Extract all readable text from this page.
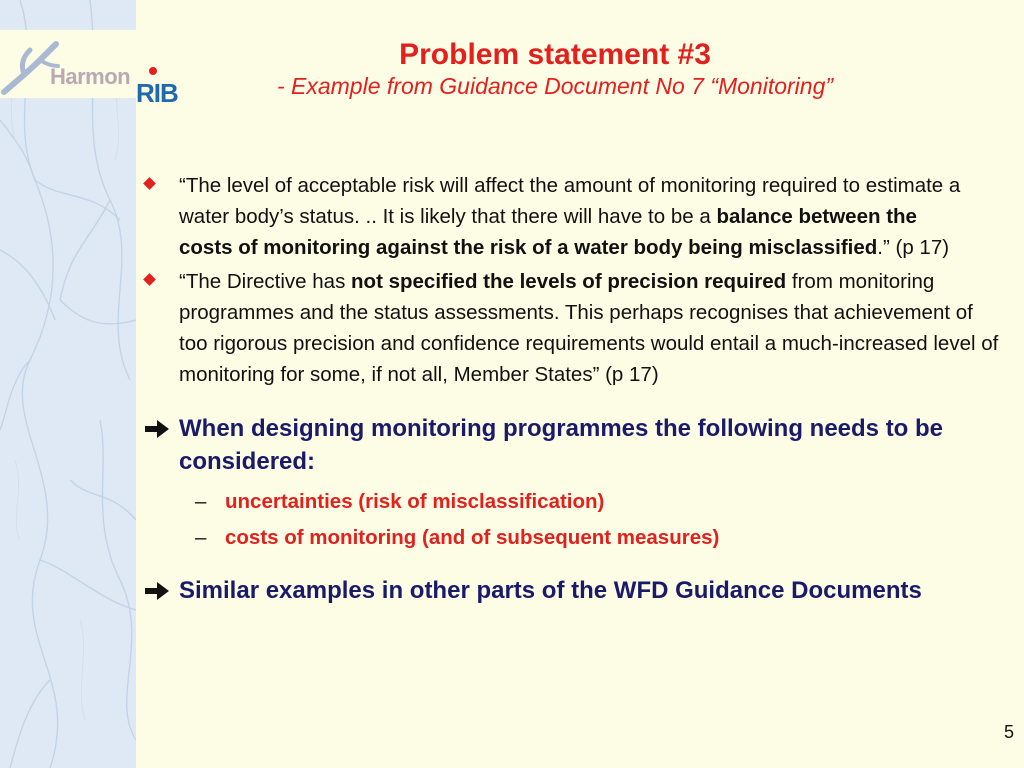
Harmon
RIB
Problem statement #3
- Example from Guidance Document No 7 “Monitoring”
“The level of acceptable risk will affect the amount of monitoring required to estimate a water body’s status. .. It is likely that there will have to be a balance between the costs of monitoring against the risk of a water body being misclassified.” (p 17)
“The Directive has not specified the levels of precision required from monitoring programmes and the status assessments. This perhaps recognises that achievement of too rigorous precision and confidence requirements would entail a much-increased level of monitoring for some, if not all, Member States” (p 17)
When designing monitoring programmes the following needs to be considered:
– uncertainties (risk of misclassification)
– costs of monitoring (and of subsequent measures)
Similar examples in other parts of the WFD Guidance Documents
5
